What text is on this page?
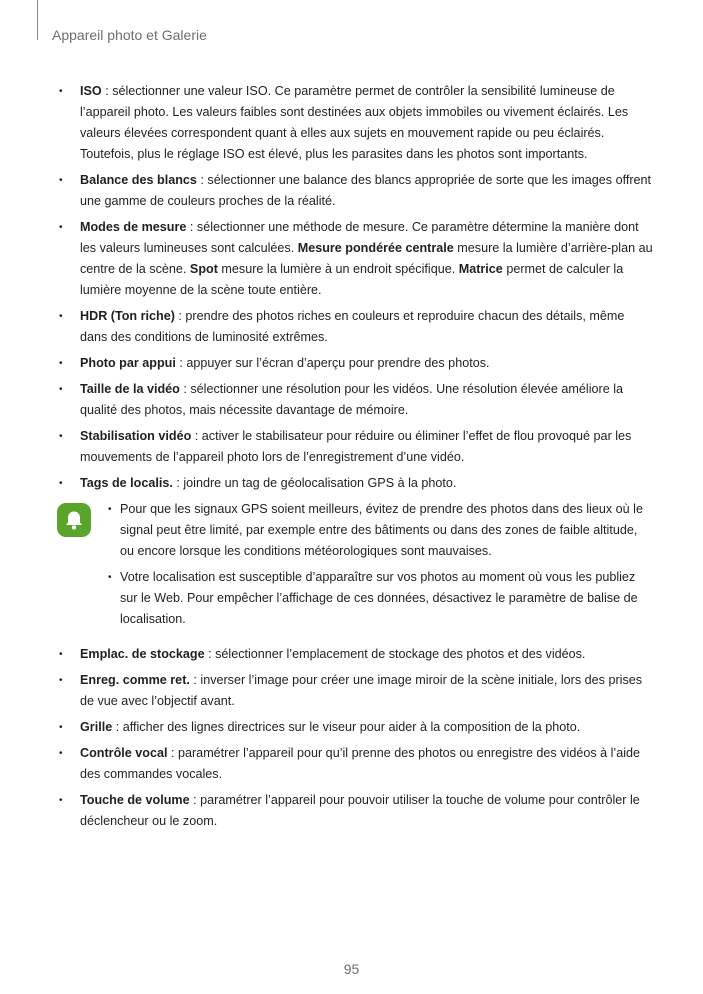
Appareil photo et Galerie
• ISO : sélectionner une valeur ISO. Ce paramètre permet de contrôler la sensibilité lumineuse de l’appareil photo. Les valeurs faibles sont destinées aux objets immobiles ou vivement éclairés. Les valeurs élevées correspondent quant à elles aux sujets en mouvement rapide ou peu éclairés. Toutefois, plus le réglage ISO est élevé, plus les parasites dans les photos sont importants.
• Balance des blancs : sélectionner une balance des blancs appropriée de sorte que les images offrent une gamme de couleurs proches de la réalité.
• Modes de mesure : sélectionner une méthode de mesure. Ce paramètre détermine la manière dont les valeurs lumineuses sont calculées. Mesure pondérée centrale mesure la lumière d’arrière-plan au centre de la scène. Spot mesure la lumière à un endroit spécifique. Matrice permet de calculer la lumière moyenne de la scène toute entière.
• HDR (Ton riche) : prendre des photos riches en couleurs et reproduire chacun des détails, même dans des conditions de luminosité extrêmes.
• Photo par appui : appuyer sur l’écran d’aperçu pour prendre des photos.
• Taille de la vidéo : sélectionner une résolution pour les vidéos. Une résolution élevée améliore la qualité des photos, mais nécessite davantage de mémoire.
• Stabilisation vidéo : activer le stabilisateur pour réduire ou éliminer l’effet de flou provoqué par les mouvements de l’appareil photo lors de l’enregistrement d’une vidéo.
• Tags de localis. : joindre un tag de géolocalisation GPS à la photo.
• Pour que les signaux GPS soient meilleurs, évitez de prendre des photos dans des lieux où le signal peut être limité, par exemple entre des bâtiments ou dans des zones de faible altitude, ou encore lorsque les conditions météorologiques sont mauvaises.
• Votre localisation est susceptible d’apparaître sur vos photos au moment où vous les publiez sur le Web. Pour empêcher l’affichage de ces données, désactivez le paramètre de balise de localisation.
• Emplac. de stockage : sélectionner l’emplacement de stockage des photos et des vidéos.
• Enreg. comme ret. : inverser l’image pour créer une image miroir de la scène initiale, lors des prises de vue avec l’objectif avant.
• Grille : afficher des lignes directrices sur le viseur pour aider à la composition de la photo.
• Contrôle vocal : paramétrer l’appareil pour qu’il prenne des photos ou enregistre des vidéos à l’aide des commandes vocales.
• Touche de volume : paramétrer l’appareil pour pouvoir utiliser la touche de volume pour contrôler le déclencheur ou le zoom.
95
